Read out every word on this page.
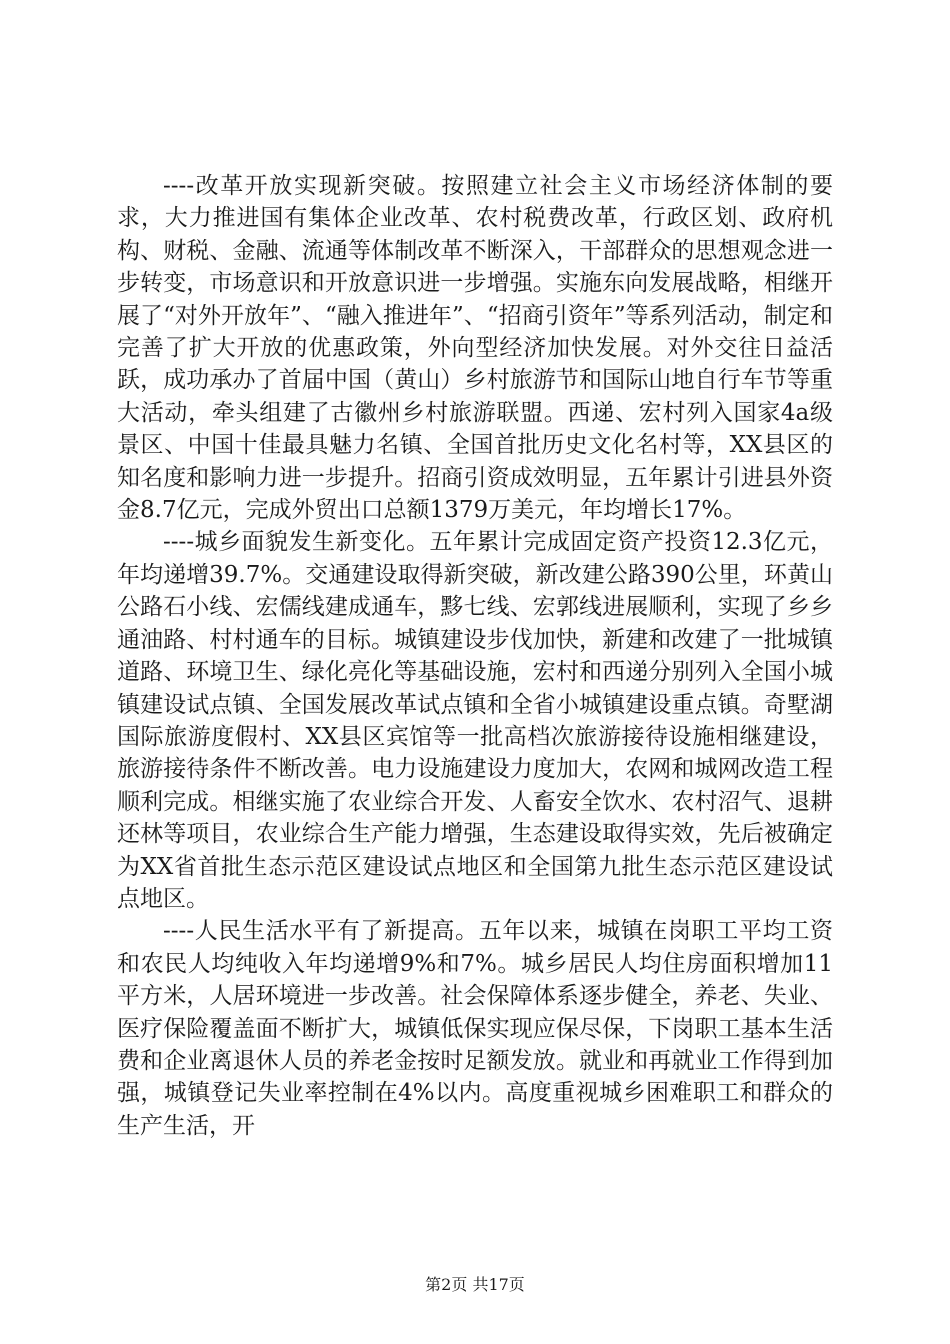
----改革开放实现新突破。按照建立社会主义市场经济体制的要求，大力推进国有集体企业改革、农村税费改革，行政区划、政府机构、财税、金融、流通等体制改革不断深入，干部群众的思想观念进一步转变，市场意识和开放意识进一步增强。实施东向发展战略，相继开展了“对外开放年”、“融入推进年”、“招商引资年”等系列活动，制定和完善了扩大开放的优惠政策，外向型经济加快发展。对外交往日益活跃，成功承办了首届中国（黄山）乡村旅游节和国际山地自行车节等重大活动，牵头组建了古徽州乡村旅游联盟。西递、宏村列入国家4a级景区、中国十佳最具魅力名镇、全国首批历史文化名村等，XX县区的知名度和影响力进一步提升。招商引资成效明显，五年累计引进县外资金8.7亿元，完成外贸出口总额1379万美元，年均增长17%。

----城乡面貌发生新变化。五年累计完成固定资产投资12.3亿元，年均递增39.7%。交通建设取得新突破，新改建公路390公里，环黄山公路石小线、宏儒线建成通车，黟七线、宏郭线进展顺利，实现了乡乡通油路、村村通车的目标。城镇建设步伐加快，新建和改建了一批城镇道路、环境卫生、绿化亮化等基础设施，宏村和西递分别列入全国小城镇建设试点镇、全国发展改革试点镇和全省小城镇建设重点镇。奇墅湖国际旅游度假村、XX县区宾馆等一批高档次旅游接待设施相继建设，旅游接待条件不断改善。电力设施建设力度加大，农网和城网改造工程顺利完成。相继实施了农业综合开发、人畜安全饮水、农村沼气、退耕还林等项目，农业综合生产能力增强，生态建设取得实效，先后被确定为XX省首批生态示范区建设试点地区和全国第九批生态示范区建设试点地区。

----人民生活水平有了新提高。五年以来，城镇在岗职工平均工资和农民人均纯收入年均递增9%和7%。城乡居民人均住房面积增加11平方米，人居环境进一步改善。社会保障体系逐步健全，养老、失业、医疗保险覆盖面不断扩大，城镇低保实现应保尽保，下岗职工基本生活费和企业离退休人员的养老金按时足额发放。就业和再就业工作得到加强，城镇登记失业率控制在4%以内。高度重视城乡困难职工和群众的生产生活，开

第2页 共17页
